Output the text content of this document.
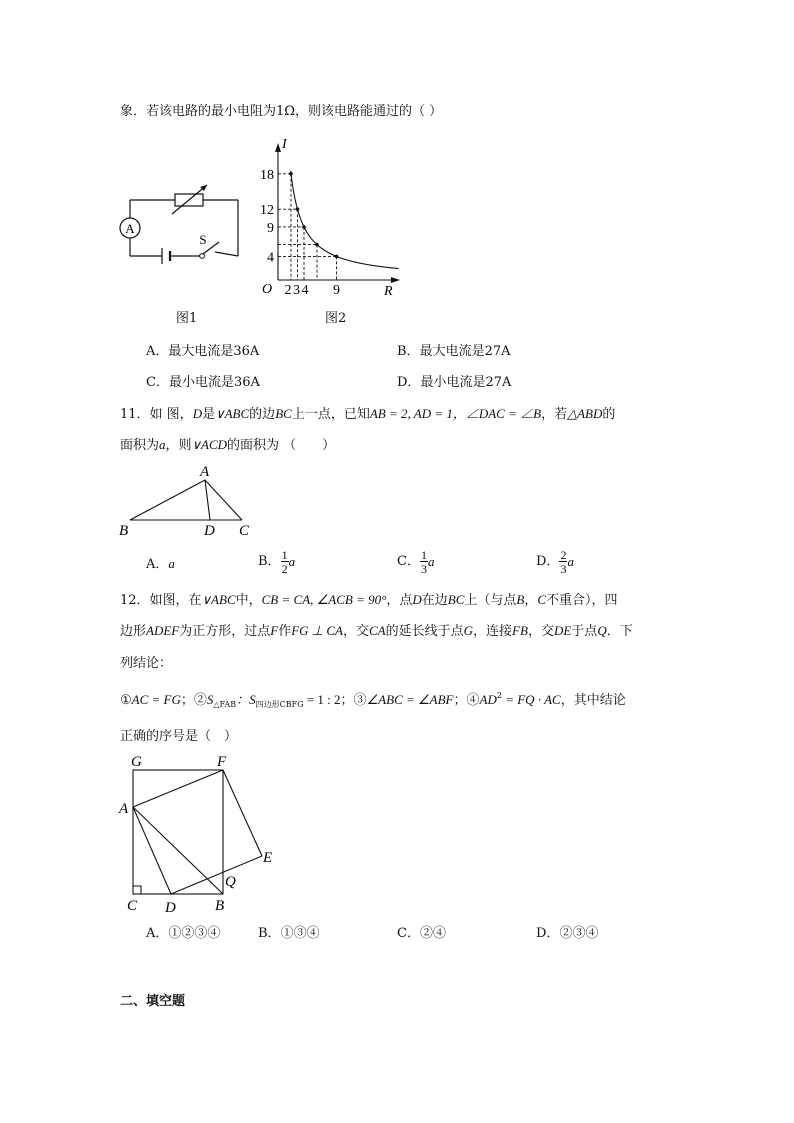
象．若该电路的最小电阻为1Ω，则该电路能通过的（ ）
A
S
图1
18
12
9
4
2 3 4 9
I
R
O
图2
A．最大电流是36A	B．最大电流是27A
C．最小电流是36A	D．最小电流是27A
11．如 图，D是∨ABC的边BC上一点，已知AB = 2, AD = 1，∠DAC = ∠B，若△ABD的
面积为a，则∨ACD的面积为 （　　）
A
B	D C
A．a	B． $\frac{1}{2}$ a	C． $\frac{1}{3}$ a	D． $\frac{2}{3}$ a
12．如图，在∨ABC中，CB = CA, ∠ACB = 90°，点D在边BC上（与点B，C不重合），四
边形ADEF为正方形，过点F作FG ⊥ CA，交CA的延长线于点G，连接FB，交DE于点Q．下
列结论：
①AC = FG；$②S_{\triangle FAB}$：$S_{四边形CBFG} = 1$ : 2；③∠ABC = ∠ABF；$④AD^2$ = FQ · AC，其中结论
正确的序号是（　）
G	F
A
E
Q
C D	B
A．①②③④	B．①③④	C．②④	D．②③④
二、填空题
